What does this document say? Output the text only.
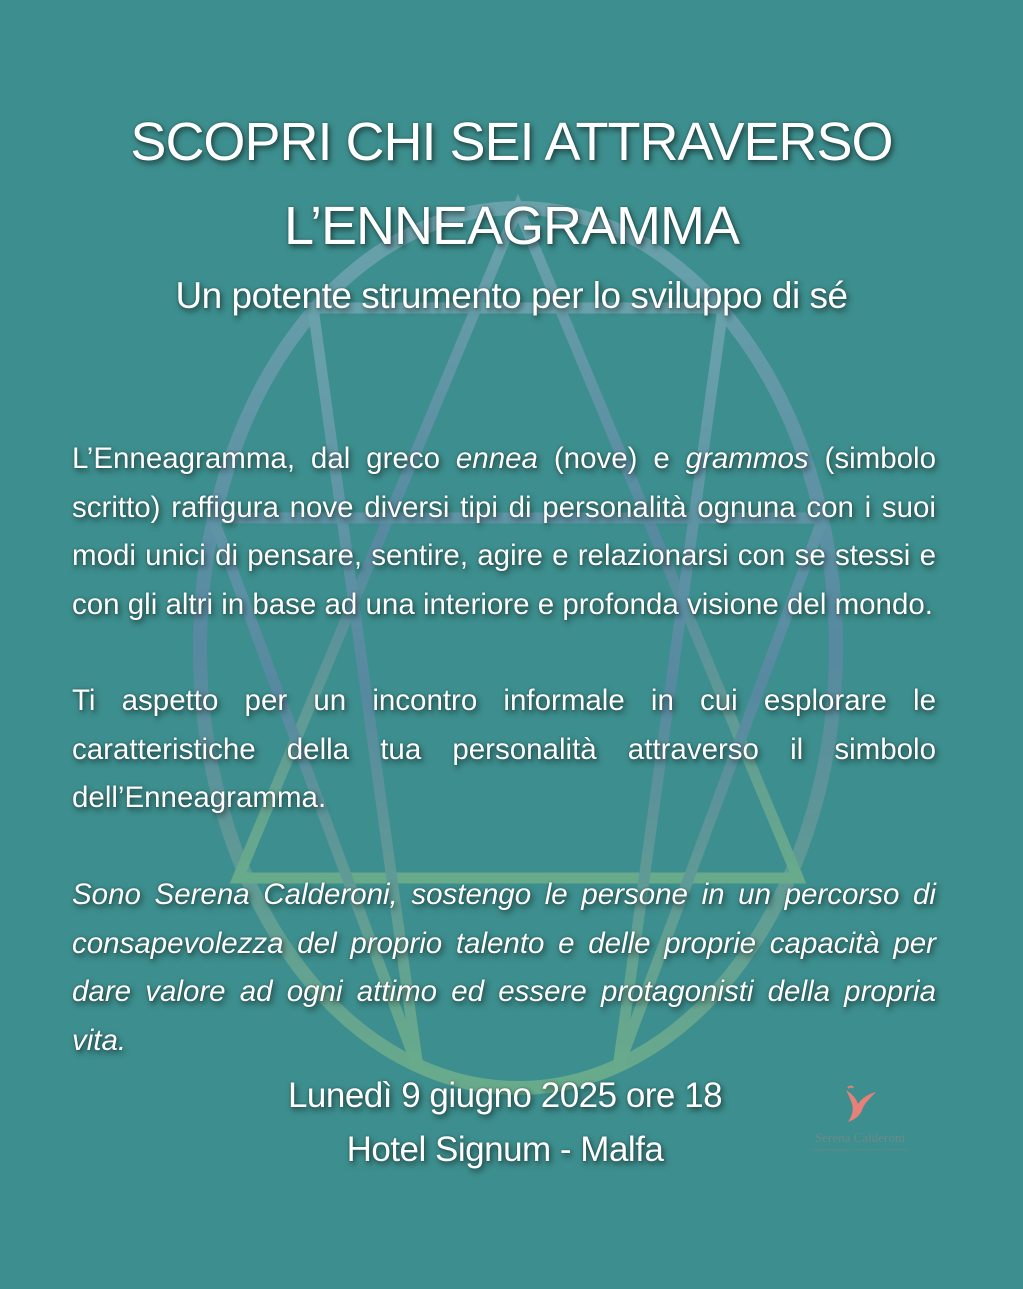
SCOPRI CHI SEI ATTRAVERSO
L’ENNEAGRAMMA
Un potente strumento per lo sviluppo di sé

L’Enneagramma, dal greco ennea (nove) e grammos (simbolo scritto) raffigura nove diversi tipi di personalità ognuna con i suoi modi unici di pensare, sentire, agire e relazionarsi con se stessi e con gli altri in base ad una interiore e profonda visione del mondo.

Ti aspetto per un incontro informale in cui esplorare le caratteristiche della tua personalità attraverso il simbolo dell’Enneagramma.

Sono Serena Calderoni, sostengo le persone in un percorso di consapevolezza del proprio talento e delle proprie capacità per dare valore ad ogni attimo ed essere protagonisti della propria vita.

Lunedì 9 giugno 2025 ore 18
Hotel Signum - Malfa	Serena Calderoni
COMUNICAZIONE CONSAPEVOLE COACHING
